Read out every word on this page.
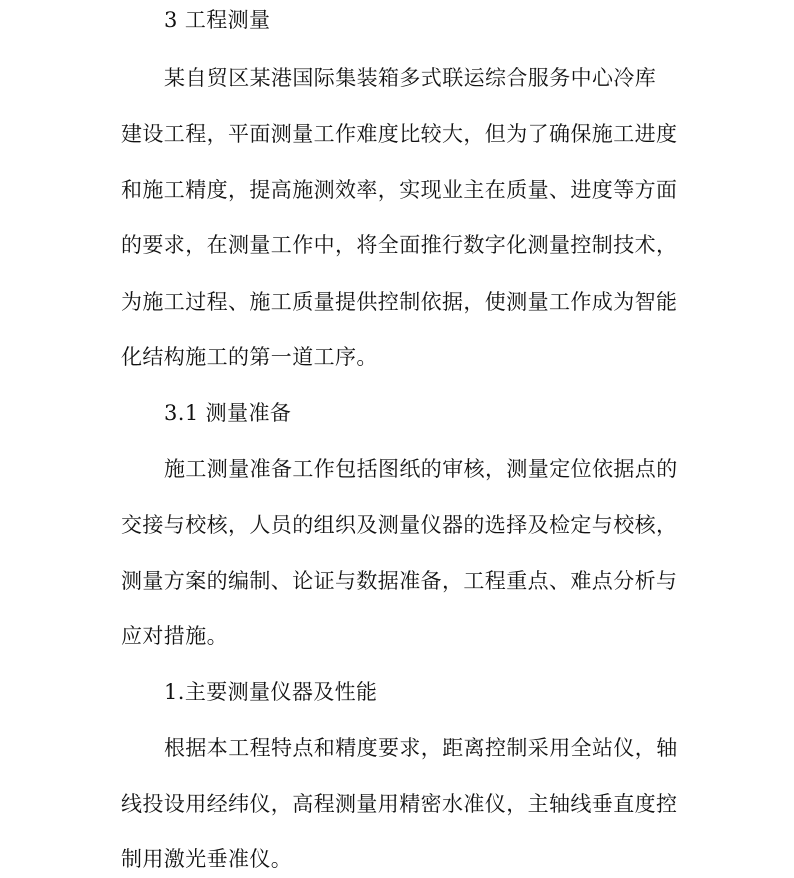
3 工程测量
某自贸区某港国际集装箱多式联运综合服务中心冷库
建设工程，平面测量工作难度比较大，但为了确保施工进度
和施工精度，提高施测效率，实现业主在质量、进度等方面
的要求，在测量工作中，将全面推行数字化测量控制技术，
为施工过程、施工质量提供控制依据，使测量工作成为智能
化结构施工的第一道工序。
3.1 测量准备
施工测量准备工作包括图纸的审核，测量定位依据点的
交接与校核，人员的组织及测量仪器的选择及检定与校核，
测量方案的编制、论证与数据准备，工程重点、难点分析与
应对措施。
1.主要测量仪器及性能
根据本工程特点和精度要求，距离控制采用全站仪，轴
线投设用经纬仪，高程测量用精密水准仪，主轴线垂直度控
制用激光垂准仪。
